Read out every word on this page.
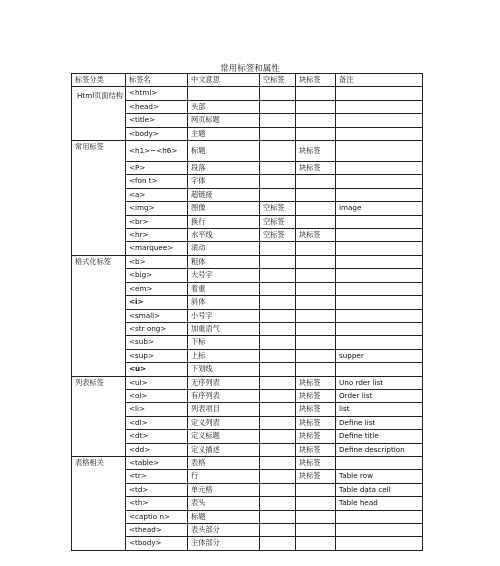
常用标签和属性
标签分类	标签名	中文意思	空标签	块标签	备注
Html页面结构	<html>				
	<head>	头部			
	<title>	网页标题			
	<body>	主题			
常用标签	<h1>~<h6>	标题		块标签	
	<P>	段落		块标签	
	<fon t>	字体			
	<a>	超链接			
	<img>	图像	空标签		image
	<br>	换行	空标签		
	<hr>	水平线	空标签	块标签	
	<marquee>	滚动			
格式化标签	<b>	粗体			
	<big>	大号字			
	<em>	着重			
	<i>	斜体			
	<small>	小号字			
	<str ong>	加重语气			
	<sub>	下标			
	<sup>	上标			supper
	<u>	下划线			
列表标签	<ul>	无序列表		块标签	Uno rder list
	<ol>	有序列表		块标签	Order list
	<li>	列表项目		块标签	list
	<dl>	定义列表		块标签	Define list
	<dt>	定义标题		块标签	Define title
	<dd>	定义描述		块标签	Define description
表格相关	<table>	表格		块标签	
	<tr>	行		块标签	Table row
	<td>	单元格			Table data cell
	<th>	表头			Table head
	<captio n>	标题			
	<thead>	表头部分			
	<tbody>	主体部分			
